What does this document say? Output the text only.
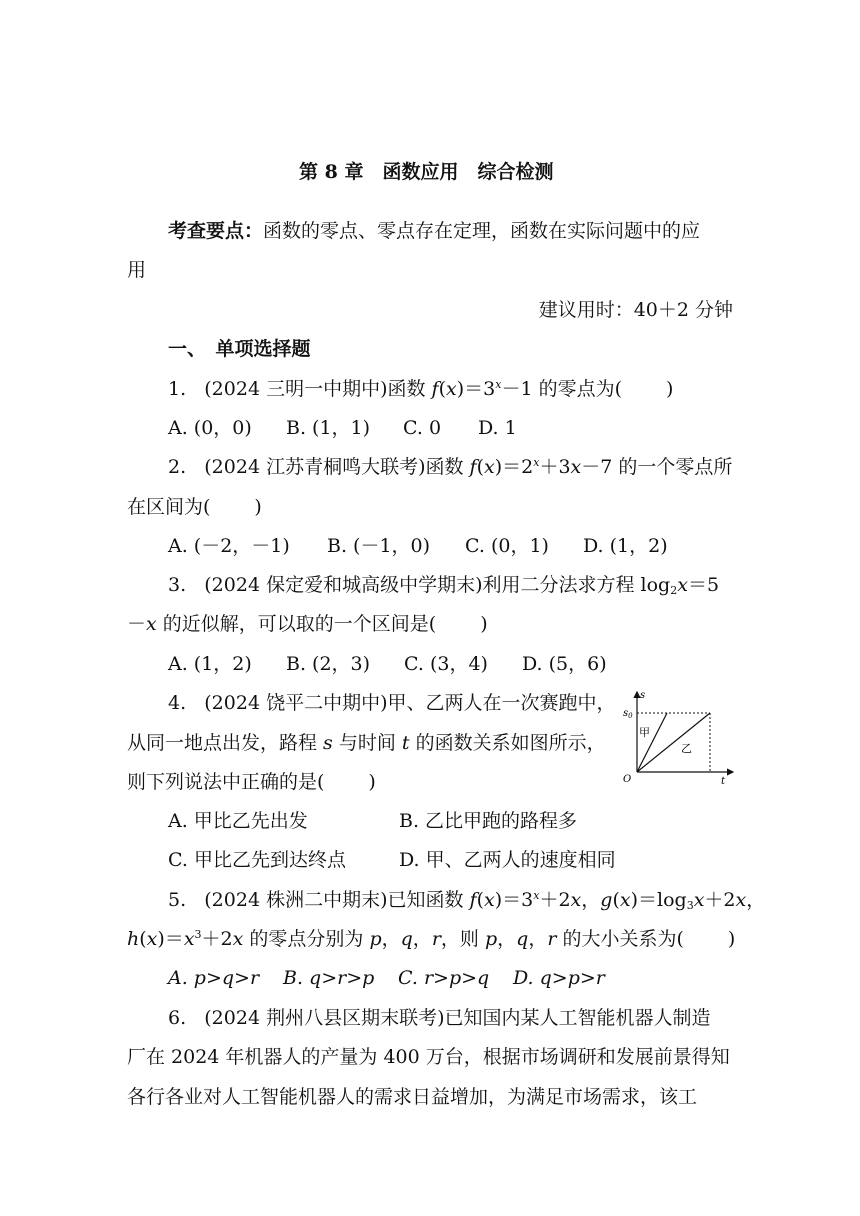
第 8 章　函数应用　综合检测
考查要点：函数的零点、零点存在定理，函数在实际问题中的应
用
建议用时：40＋2 分钟
一、　单项选择题
1. (2024 三明一中期中)函数 $f(x)=3^x-1$ 的零点为( )
A. (0，0) B. (1，1) C. 0 D. 1
2. (2024 江苏青桐鸣大联考)函数 $f(x)=2^x+3x-7$ 的一个零点所
在区间为( )
A. (－2，－1) B. (－1，0) C. (0，1) D. (1，2)
3. (2024 保定爱和城高级中学期末)利用二分法求方程 $\log_2x=5$
－x 的近似解，可以取的一个区间是( )
A. (1，2) B. (2，3) C. (3，4) D. (5，6)
4. (2024 饶平二中期中)甲、乙两人在一次赛跑中，
从同一地点出发，路程 s 与时间 t 的函数关系如图所示，
则下列说法中正确的是( )
s
t
O
$s_0$
甲
乙
A. 甲比乙先出发	B. 乙比甲跑的路程多
C. 甲比乙先到达终点	D. 甲、乙两人的速度相同
5. (2024 株洲二中期末)已知函数 $f(x)=3^x+2x$，$g(x)=\log_3x+2x$，
$h(x)=x^3+2x$ 的零点分别为 p，q，r，则 p，q，r 的大小关系为( )
A. p>q>r B. q>r>p C. r>p>q D. q>p>r
6. (2024 荆州八县区期末联考)已知国内某人工智能机器人制造
厂在 2024 年机器人的产量为 400 万台，根据市场调研和发展前景得知
各行各业对人工智能机器人的需求日益增加，为满足市场需求，该工
